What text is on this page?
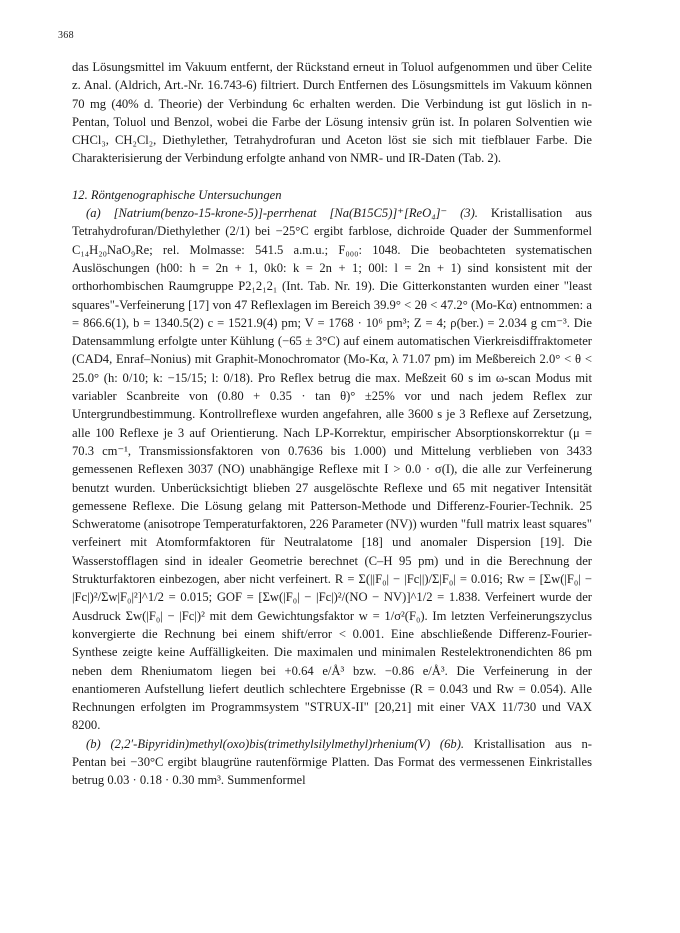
368

das Lösungsmittel im Vakuum entfernt, der Rückstand erneut in Toluol aufgenommen und über Celite z. Anal. (Aldrich, Art.-Nr. 16.743-6) filtriert. Durch Entfernen des Lösungsmittels im Vakuum können 70 mg (40% d. Theorie) der Verbindung 6c erhalten werden. Die Verbindung ist gut löslich in n-Pentan, Toluol und Benzol, wobei die Farbe der Lösung intensiv grün ist. In polaren Solventien wie CHCl₃, CH₂Cl₂, Diethylether, Tetrahydrofuran und Aceton löst sie sich mit tiefblauer Farbe. Die Charakterisierung der Verbindung erfolgte anhand von NMR- und IR-Daten (Tab. 2).

12. Röntgenographische Untersuchungen

(a) [Natrium(benzo-15-krone-5)]-perrhenat [Na(B15C5)]⁺[ReO₄]⁻ (3). Kristallisation aus Tetrahydrofuran/Diethylether (2/1) bei −25°C ergibt farblose, dichroide Quader der Summenformel C₁₄H₂₀NaO₉Re; rel. Molmasse: 541.5 a.m.u.; F₀₀₀: 1048. Die beobachteten systematischen Auslöschungen (h00: h = 2n + 1, 0k0: k = 2n + 1; 00l: l = 2n + 1) sind konsistent mit der orthorhombischen Raumgruppe P2₁2₁2₁ (Int. Tab. Nr. 19). Die Gitterkonstanten wurden einer "least squares"-Verfeinerung [17] von 47 Reflexlagen im Bereich 39.9° < 2θ < 47.2° (Mo-Kα) entnommen: a = 866.6(1), b = 1340.5(2) c = 1521.9(4) pm; V = 1768 · 10⁶ pm³; Z = 4; ρ(ber.) = 2.034 g cm⁻³. Die Datensammlung erfolgte unter Kühlung (−65 ± 3°C) auf einem automatischen Vierkreisdiffraktometer (CAD4, Enraf–Nonius) mit Graphit-Monochromator (Mo-Kα, λ 71.07 pm) im Meßbereich 2.0° < θ < 25.0° (h: 0/10; k: −15/15; l: 0/18). Pro Reflex betrug die max. Meßzeit 60 s im ω-scan Modus mit variabler Scanbreite von (0.80 + 0.35 · tan θ)° ±25% vor und nach jedem Reflex zur Untergrundbestimmung. Kontrollreflexe wurden angefahren, alle 3600 s je 3 Reflexe auf Zersetzung, alle 100 Reflexe je 3 auf Orientierung. Nach LP-Korrektur, empirischer Absorptionskorrektur (μ = 70.3 cm⁻¹, Transmissionsfaktoren von 0.7636 bis 1.000) und Mittelung verblieben von 3433 gemessenen Reflexen 3037 (NO) unabhängige Reflexe mit I > 0.0 · σ(I), die alle zur Verfeinerung benutzt wurden. Unberücksichtigt blieben 27 ausgelöschte Reflexe und 65 mit negativer Intensität gemessene Reflexe. Die Lösung gelang mit Patterson-Methode und Differenz-Fourier-Technik. 25 Schweratome (anisotrope Temperaturfaktoren, 226 Parameter (NV)) wurden "full matrix least squares" verfeinert mit Atomformfaktoren für Neutralatome [18] und anomaler Dispersion [19]. Die Wasserstofflagen sind in idealer Geometrie berechnet (C–H 95 pm) und in die Berechnung der Strukturfaktoren einbezogen, aber nicht verfeinert. R = Σ(||F₀| − |Fc||)/Σ|F₀| = 0.016; Rw = [Σw(|F₀| − |Fc|)²/Σw|F₀|²]^1/2 = 0.015; GOF = [Σw(|F₀| − |Fc|)²/(NO − NV)]^1/2 = 1.838. Verfeinert wurde der Ausdruck Σw(|F₀| − |Fc|)² mit dem Gewichtungsfaktor w = 1/σ²(F₀). Im letzten Verfeinerungszyclus konvergierte die Rechnung bei einem shift/error < 0.001. Eine abschließende Differenz-Fourier-Synthese zeigte keine Auffälligkeiten. Die maximalen und minimalen Restelektronendichten 86 pm neben dem Rheniumatom liegen bei +0.64 e/Å³ bzw. −0.86 e/Å³. Die Verfeinerung in der enantiomeren Aufstellung liefert deutlich schlechtere Ergebnisse (R = 0.043 und Rw = 0.054). Alle Rechnungen erfolgten im Programmsystem "STRUX-II" [20,21] mit einer VAX 11/730 und VAX 8200.

(b) (2,2′-Bipyridin)methyl(oxo)bis(trimethylsilylmethyl)rhenium(V) (6b). Kristallisation aus n-Pentan bei −30°C ergibt blaugrüne rautenförmige Platten. Das Format des vermessenen Einkristalles betrug 0.03 · 0.18 · 0.30 mm³. Summenformel
